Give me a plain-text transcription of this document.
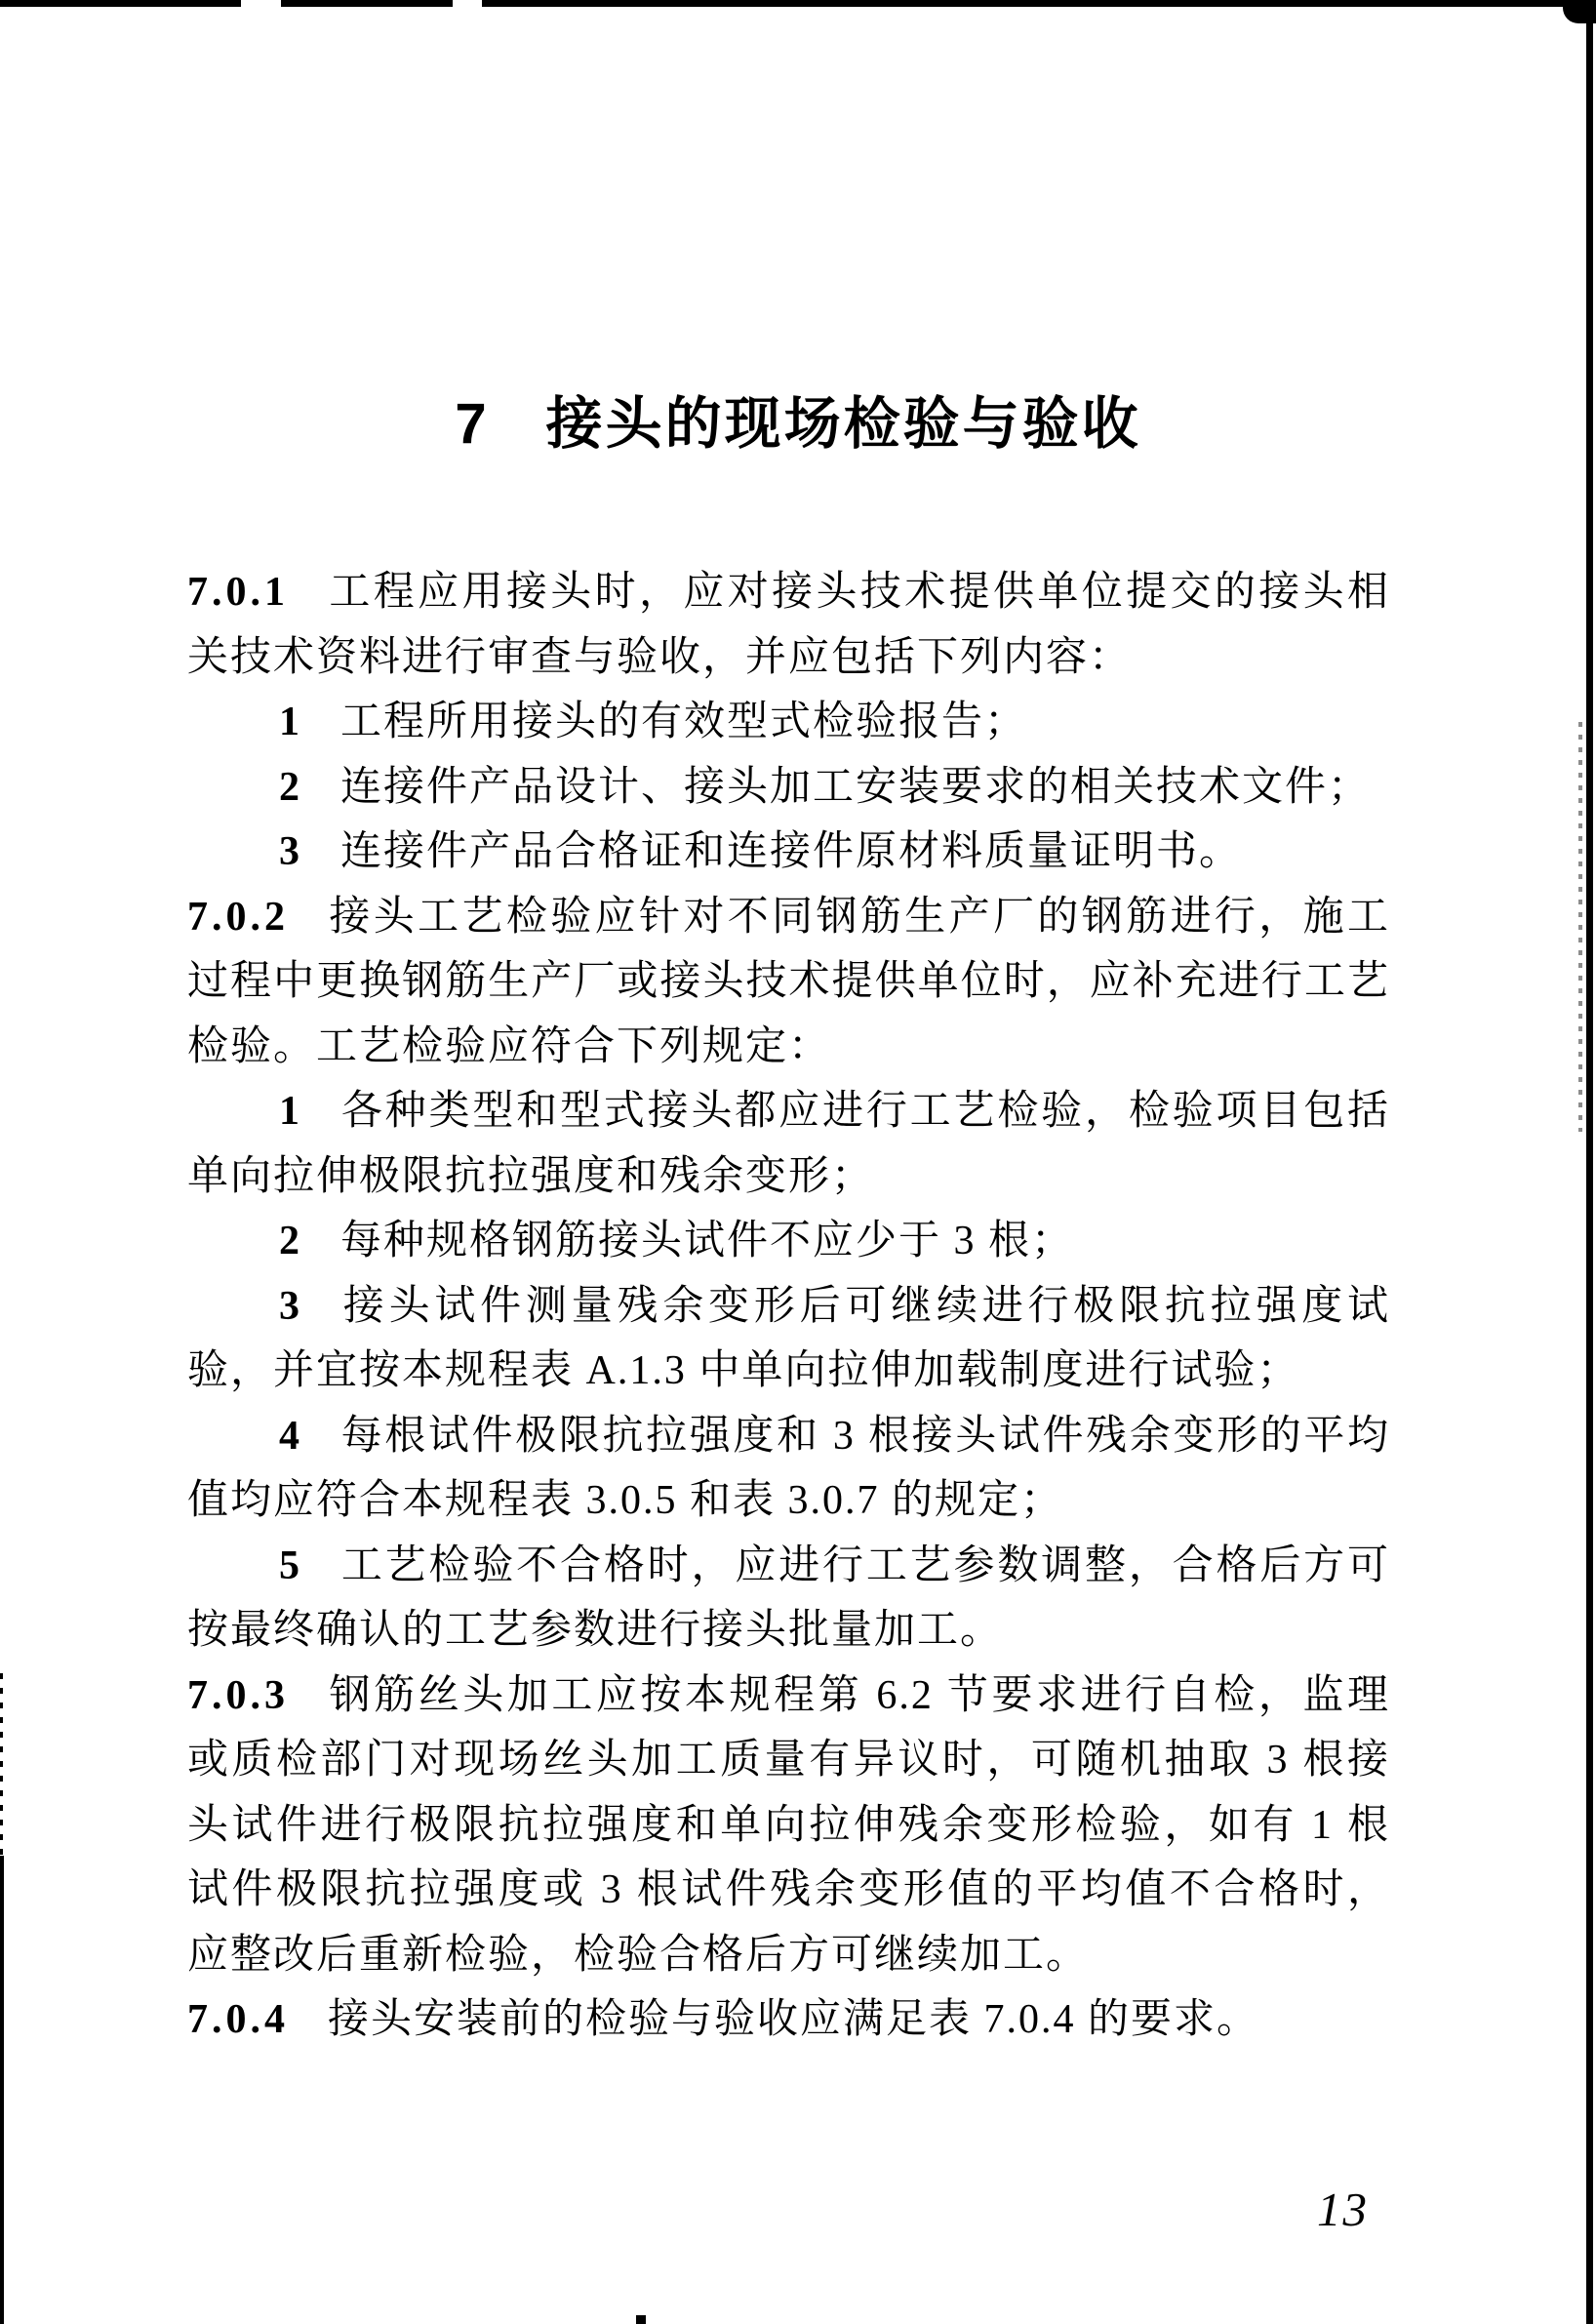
7 接头的现场检验与验收

7.0.1 工程应用接头时，应对接头技术提供单位提交的接头相关技术资料进行审查与验收，并应包括下列内容：

1 工程所用接头的有效型式检验报告；

2 连接件产品设计、接头加工安装要求的相关技术文件；

3 连接件产品合格证和连接件原材料质量证明书。

7.0.2 接头工艺检验应针对不同钢筋生产厂的钢筋进行，施工过程中更换钢筋生产厂或接头技术提供单位时，应补充进行工艺检验。工艺检验应符合下列规定：

1 各种类型和型式接头都应进行工艺检验，检验项目包括单向拉伸极限抗拉强度和残余变形；

2 每种规格钢筋接头试件不应少于 3 根；

3 接头试件测量残余变形后可继续进行极限抗拉强度试验，并宜按本规程表 A.1.3 中单向拉伸加载制度进行试验；

4 每根试件极限抗拉强度和 3 根接头试件残余变形的平均值均应符合本规程表 3.0.5 和表 3.0.7 的规定；

5 工艺检验不合格时，应进行工艺参数调整，合格后方可按最终确认的工艺参数进行接头批量加工。

7.0.3 钢筋丝头加工应按本规程第 6.2 节要求进行自检，监理或质检部门对现场丝头加工质量有异议时，可随机抽取 3 根接头试件进行极限抗拉强度和单向拉伸残余变形检验，如有 1 根试件极限抗拉强度或 3 根试件残余变形值的平均值不合格时，应整改后重新检验，检验合格后方可继续加工。

7.0.4 接头安装前的检验与验收应满足表 7.0.4 的要求。

13
